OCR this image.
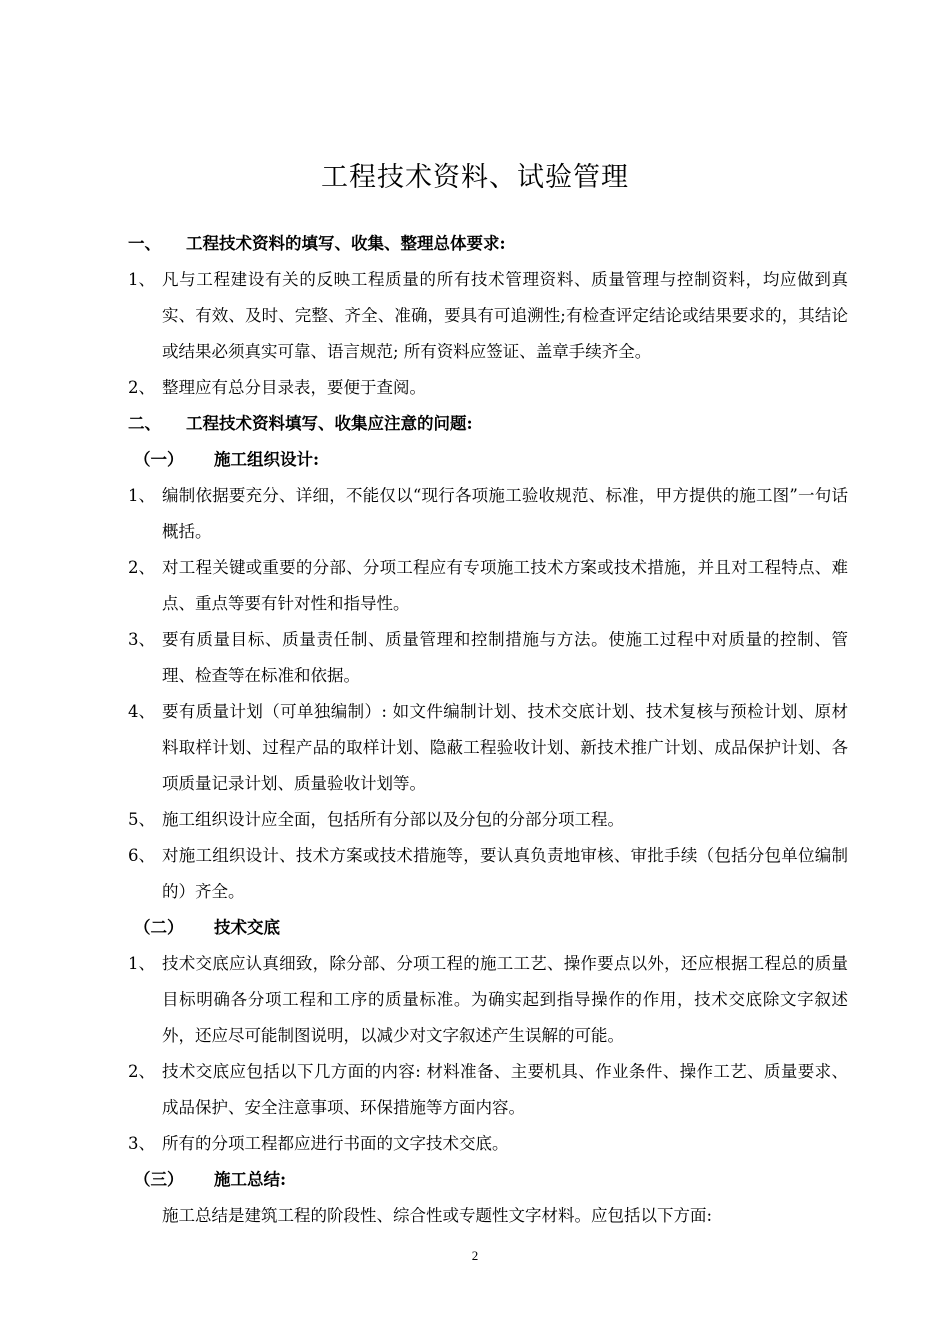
工程技术资料、试验管理
一、 工程技术资料的填写、收集、整理总体要求:
1、 凡与工程建设有关的反映工程质量的所有技术管理资料、质量管理与控制资料，均应做到真实、有效、及时、完整、齐全、准确，要具有可追溯性;有检查评定结论或结果要求的，其结论或结果必须真实可靠、语言规范; 所有资料应签证、盖章手续齐全。
2、 整理应有总分目录表，要便于查阅。
二、 工程技术资料填写、收集应注意的问题:
（一） 施工组织设计:
1、 编制依据要充分、详细，不能仅以“现行各项施工验收规范、标准，甲方提供的施工图”一句话概括。
2、 对工程关键或重要的分部、分项工程应有专项施工技术方案或技术措施，并且对工程特点、难点、重点等要有针对性和指导性。
3、 要有质量目标、质量责任制、质量管理和控制措施与方法。使施工过程中对质量的控制、管理、检查等在标准和依据。
4、 要有质量计划（可单独编制）: 如文件编制计划、技术交底计划、技术复核与预检计划、原材料取样计划、过程产品的取样计划、隐蔽工程验收计划、新技术推广计划、成品保护计划、各项质量记录计划、质量验收计划等。
5、 施工组织设计应全面，包括所有分部以及分包的分部分项工程。
6、 对施工组织设计、技术方案或技术措施等，要认真负责地审核、审批手续（包括分包单位编制的）齐全。
（二） 技术交底
1、 技术交底应认真细致，除分部、分项工程的施工工艺、操作要点以外，还应根据工程总的质量目标明确各分项工程和工序的质量标准。为确实起到指导操作的作用，技术交底除文字叙述外，还应尽可能制图说明，以减少对文字叙述产生误解的可能。
2、 技术交底应包括以下几方面的内容: 材料准备、主要机具、作业条件、操作工艺、质量要求、成品保护、安全注意事项、环保措施等方面内容。
3、 所有的分项工程都应进行书面的文字技术交底。
（三） 施工总结:
施工总结是建筑工程的阶段性、综合性或专题性文字材料。应包括以下方面:
2
